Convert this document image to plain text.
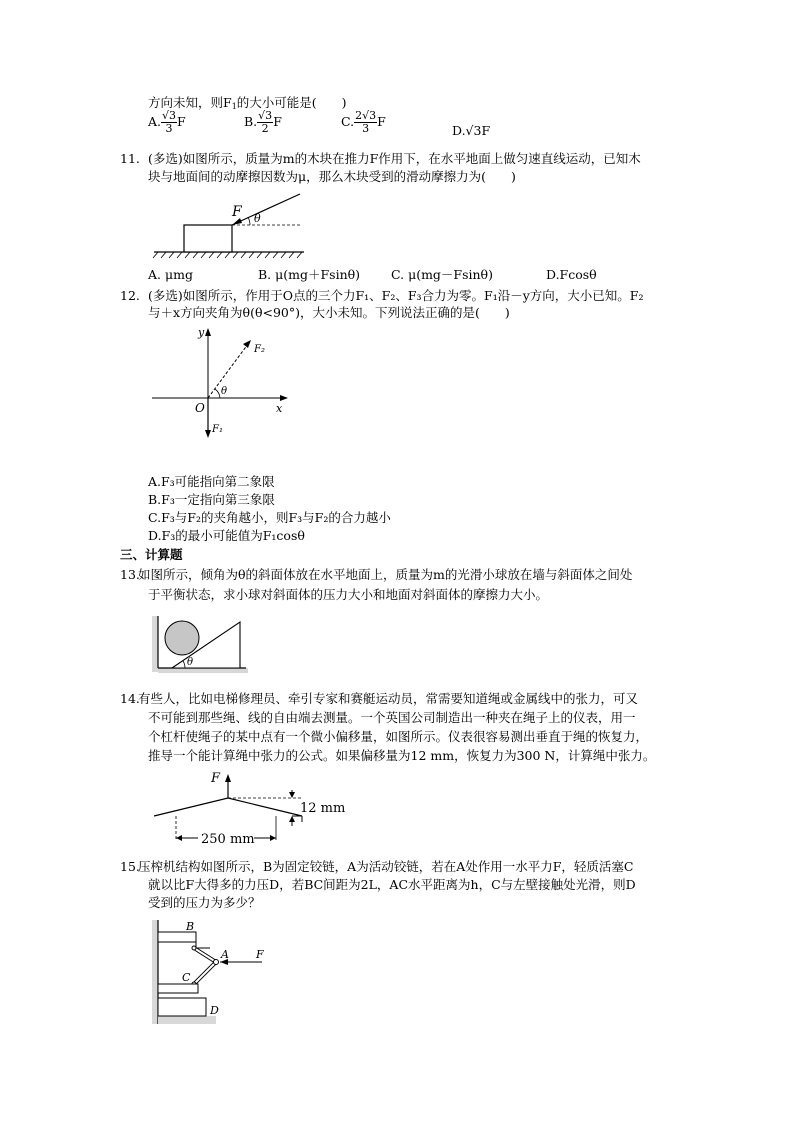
方向未知，则$F_1$的大小可能是(　　)
A. $\frac{√3}{3}$ F	B. $\frac{√3}{2}$ F	C. $\frac{2√3}{3}$ F
D.√3F
11. (多选)如图所示，质量为m的木块在推力F作用下，在水平地面上做匀速直线运动，已知木
块与地面间的动摩擦因数为μ，那么木块受到的滑动摩擦力为(　　)
F θ
A. μmg	B. μ(mg＋Fsinθ) C. μ(mg－Fsinθ)	D.Fcosθ
12. (多选)如图所示，作用于O点的三个力F₁、F₂、F₃合力为零。F₁沿－y方向，大小已知。F₂
与＋x方向夹角为θ(θ<90°)，大小未知。下列说法正确的是(　　)
y
x
O
F₁
F₂
θ
A.F₃可能指向第二象限
B.F₃一定指向第三象限
C.F₃与F₂的夹角越小，则F₃与F₂的合力越小
D.F₃的最小可能值为F₁cosθ
三、计算题
13.
如图所示，倾角为θ的斜面体放在水平地面上，质量为m的光滑小球放在墙与斜面体之间处
于平衡状态，求小球对斜面体的压力大小和地面对斜面体的摩擦力大小。
θ
14.
有些人，比如电梯修理员、牵引专家和赛艇运动员，常需要知道绳或金属线中的张力，可又
不可能到那些绳、线的自由端去测量。一个英国公司制造出一种夹在绳子上的仪表，用一
个杠杆使绳子的某中点有一个微小偏移量，如图所示。仪表很容易测出垂直于绳的恢复力，
推导一个能计算绳中张力的公式。如果偏移量为12 mm，恢复力为300 N，计算绳中张力。
F
12 mm
250 mm
15.
压榨机结构如图所示，B为固定铰链，A为活动铰链，若在A处作用一水平力F，轻质活塞C
就以比F大得多的力压D，若BC间距为2L，AC水平距离为h，C与左壁接触处光滑，则D
受到的压力为多少？
B
A F
C
D
